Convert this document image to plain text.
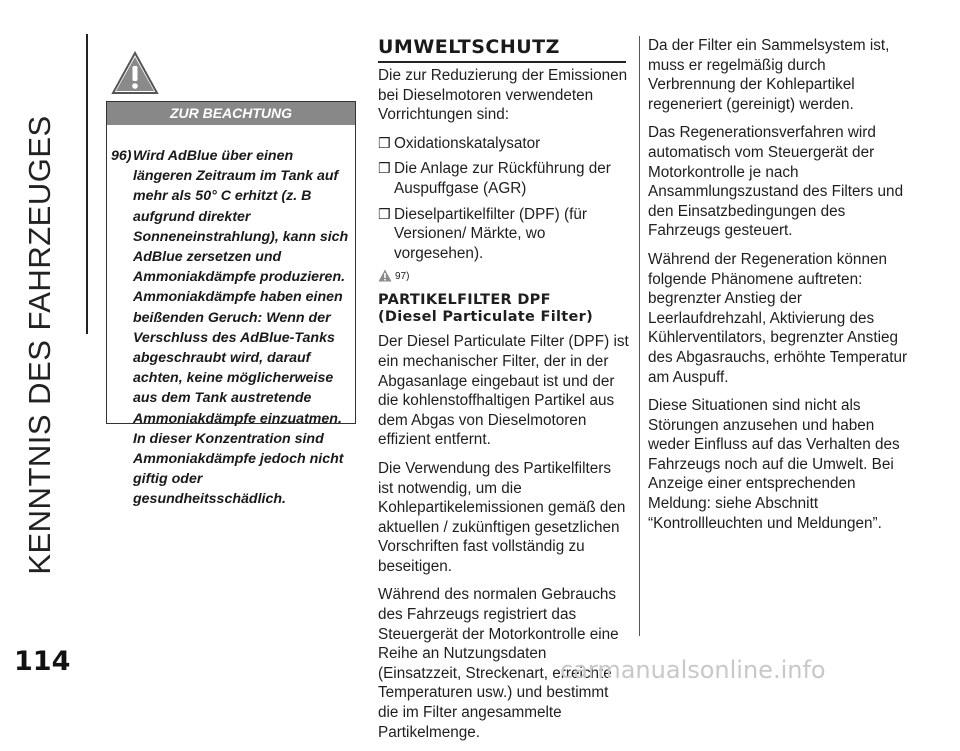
KENNTNIS DES FAHRZEUGES
ZUR BEACHTUNG
96) Wird AdBlue über einen längeren Zeitraum im Tank auf mehr als 50° C erhitzt (z. B aufgrund direkter Sonneneinstrahlung), kann sich AdBlue zersetzen und Ammoniakdämpfe produzieren. Ammoniakdämpfe haben einen beißenden Geruch: Wenn der Verschluss des AdBlue-Tanks abgeschraubt wird, darauf achten, keine möglicherweise aus dem Tank austretende Ammoniakdämpfe einzuatmen. In dieser Konzentration sind Ammoniakdämpfe jedoch nicht giftig oder gesundheitsschädlich.
UMWELTSCHUTZ

Die zur Reduzierung der Emissionen bei Dieselmotoren verwendeten Vorrichtungen sind:

❒ Oxidationskatalysator
❒ Die Anlage zur Rückführung der Auspuffgase (AGR)
❒ Dieselpartikelfilter (DPF) (für Versionen/ Märkte, wo vorgesehen).
97)
PARTIKELFILTER DPF
(Diesel Particulate Filter)

Der Diesel Particulate Filter (DPF) ist ein mechanischer Filter, der in der Abgasanlage eingebaut ist und der die kohlenstoffhaltigen Partikel aus dem Abgas von Dieselmotoren effizient entfernt.

Die Verwendung des Partikelfilters ist notwendig, um die Kohlepartikelemissionen gemäß den aktuellen / zukünftigen gesetzlichen Vorschriften fast vollständig zu beseitigen.

Während des normalen Gebrauchs des Fahrzeugs registriert das Steuergerät der Motorkontrolle eine Reihe an Nutzungsdaten (Einsatzzeit, Streckenart, erreichte Temperaturen usw.) und bestimmt die im Filter angesammelte Partikelmenge.

Da der Filter ein Sammelsystem ist, muss er regelmäßig durch Verbrennung der Kohlepartikel regeneriert (gereinigt) werden.

Das Regenerationsverfahren wird automatisch vom Steuergerät der Motorkontrolle je nach Ansammlungszustand des Filters und den Einsatzbedingungen des Fahrzeugs gesteuert.

Während der Regeneration können folgende Phänomene auftreten: begrenzter Anstieg der Leerlaufdrehzahl, Aktivierung des Kühlerventilators, begrenzter Anstieg des Abgasrauchs, erhöhte Temperatur am Auspuff.

Diese Situationen sind nicht als Störungen anzusehen und haben weder Einfluss auf das Verhalten des Fahrzeugs noch auf die Umwelt. Bei Anzeige einer entsprechenden Meldung: siehe Abschnitt “Kontrollleuchten und Meldungen”.

114	carmanualsonline.info
